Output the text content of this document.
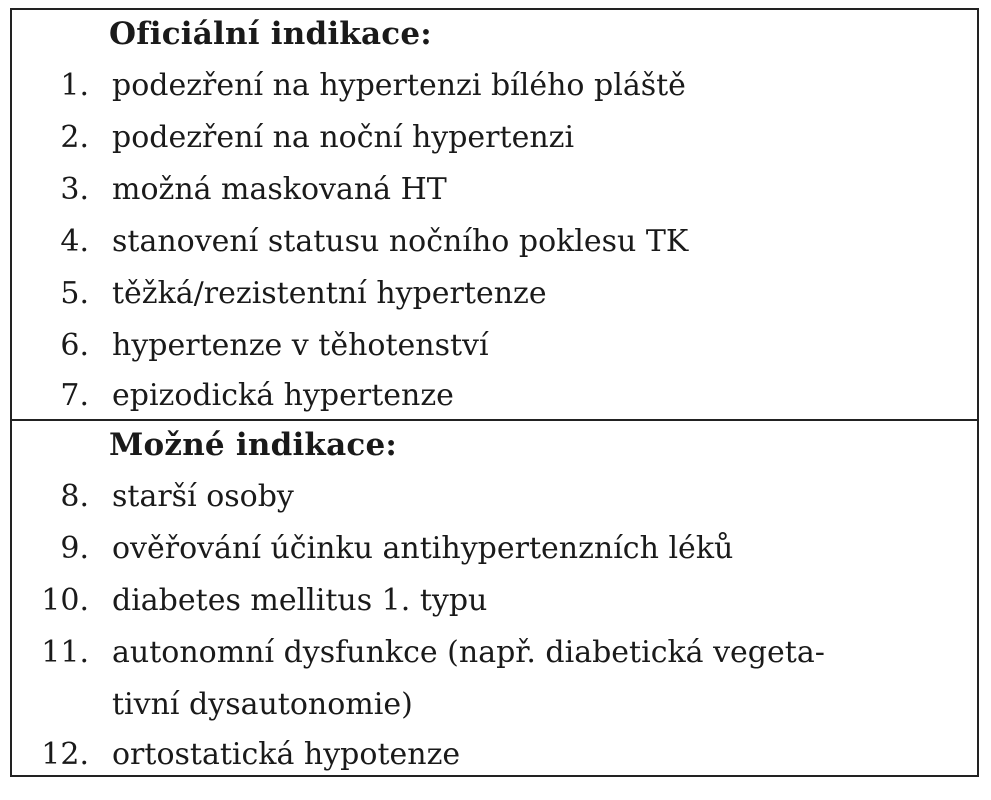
Oficiální indikace:
1. podezření na hypertenzi bílého pláště
2. podezření na noční hypertenzi
3. možná maskovaná HT
4. stanovení statusu nočního poklesu TK
5. těžká/rezistentní hypertenze
6. hypertenze v těhotenství
7. epizodická hypertenze
Možné indikace:
8. starší osoby
9. ověřování účinku antihypertenzních léků
10. diabetes mellitus 1. typu
11. autonomní dysfunkce (např. diabetická vegeta-
tivní dysautonomie)
12. ortostatická hypotenze
